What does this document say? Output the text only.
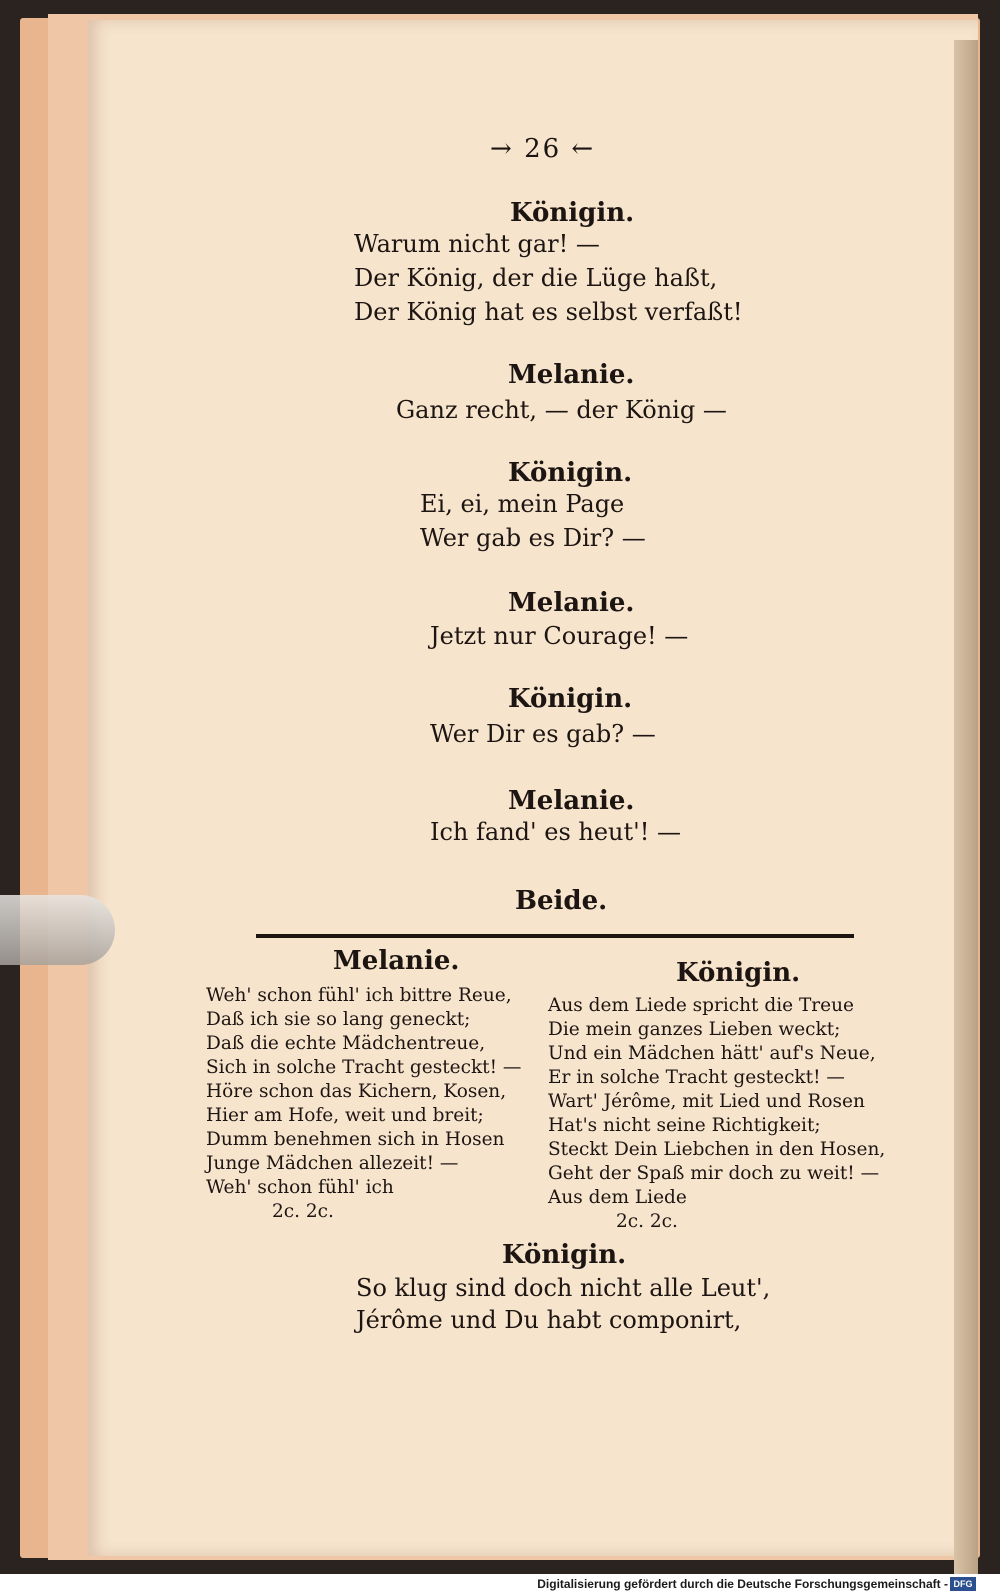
→ 26 ←
Königin.
Warum nicht gar! —
Der König, der die Lüge haßt,
Der König hat es selbst verfaßt!
Melanie.
Ganz recht, — der König —
Königin.
Ei, ei, mein Page
Wer gab es Dir? —
Melanie.
Jetzt nur Courage! —
Königin.
Wer Dir es gab? —
Melanie.
Ich fand' es heut'! —
Beide.
Melanie.
Weh' schon fühl' ich bittre Reue,
Daß ich sie so lang geneckt;
Daß die echte Mädchentreue,
Sich in solche Tracht gesteckt! —
Höre schon das Kichern, Kosen,
Hier am Hofe, weit und breit;
Dumm benehmen sich in Hosen
Junge Mädchen allezeit! —
Weh' schon fühl' ich
2c. 2c.
Königin.
Aus dem Liede spricht die Treue
Die mein ganzes Lieben weckt;
Und ein Mädchen hätt' auf's Neue,
Er in solche Tracht gesteckt! —
Wart' Jérôme, mit Lied und Rosen
Hat's nicht seine Richtigkeit;
Steckt Dein Liebchen in den Hosen,
Geht der Spaß mir doch zu weit! —
Aus dem Liede
2c. 2c.
Königin.
So klug sind doch nicht alle Leut',
Jérôme und Du habt componirt,
Digitalisierung gefördert durch die Deutsche Forschungsgemeinschaft - DFG
